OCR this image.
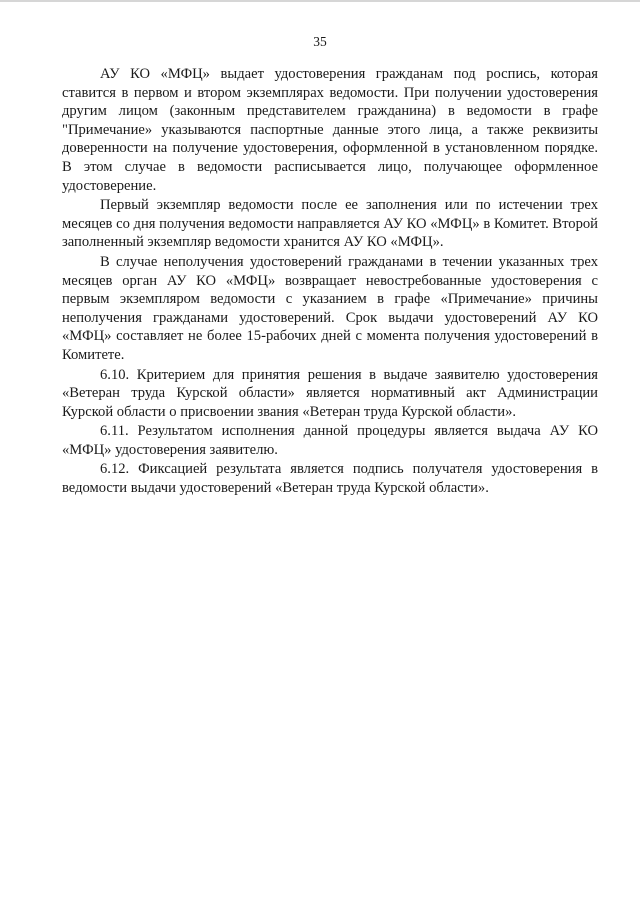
35

АУ КО «МФЦ» выдает удостоверения гражданам под роспись, которая ставится в первом и втором экземплярах ведомости. При получении удостоверения другим лицом (законным представителем гражданина) в ведомости в графе "Примечание» указываются паспортные данные этого лица, а также реквизиты доверенности на получение удостоверения, оформленной в установленном порядке. В этом случае в ведомости расписывается лицо, получающее оформленное удостоверение.

Первый экземпляр ведомости после ее заполнения или по истечении трех месяцев со дня получения ведомости направляется АУ КО «МФЦ» в Комитет. Второй заполненный экземпляр ведомости хранится АУ КО «МФЦ».

В случае неполучения удостоверений гражданами в течении указанных трех месяцев орган АУ КО «МФЦ» возвращает невостребованные удостоверения с первым экземпляром ведомости с указанием в графе «Примечание» причины неполучения гражданами удостоверений. Срок выдачи удостоверений АУ КО «МФЦ» составляет не более 15-рабочих дней с момента получения удостоверений в Комитете.

6.10. Критерием для принятия решения в выдаче заявителю удостоверения «Ветеран труда Курской области» является нормативный акт Администрации Курской области о присвоении звания «Ветеран труда Курской области».

6.11. Результатом исполнения данной процедуры является выдача АУ КО «МФЦ» удостоверения заявителю.

6.12. Фиксацией результата является подпись получателя удостоверения в ведомости выдачи удостоверений «Ветеран труда Курской области».
